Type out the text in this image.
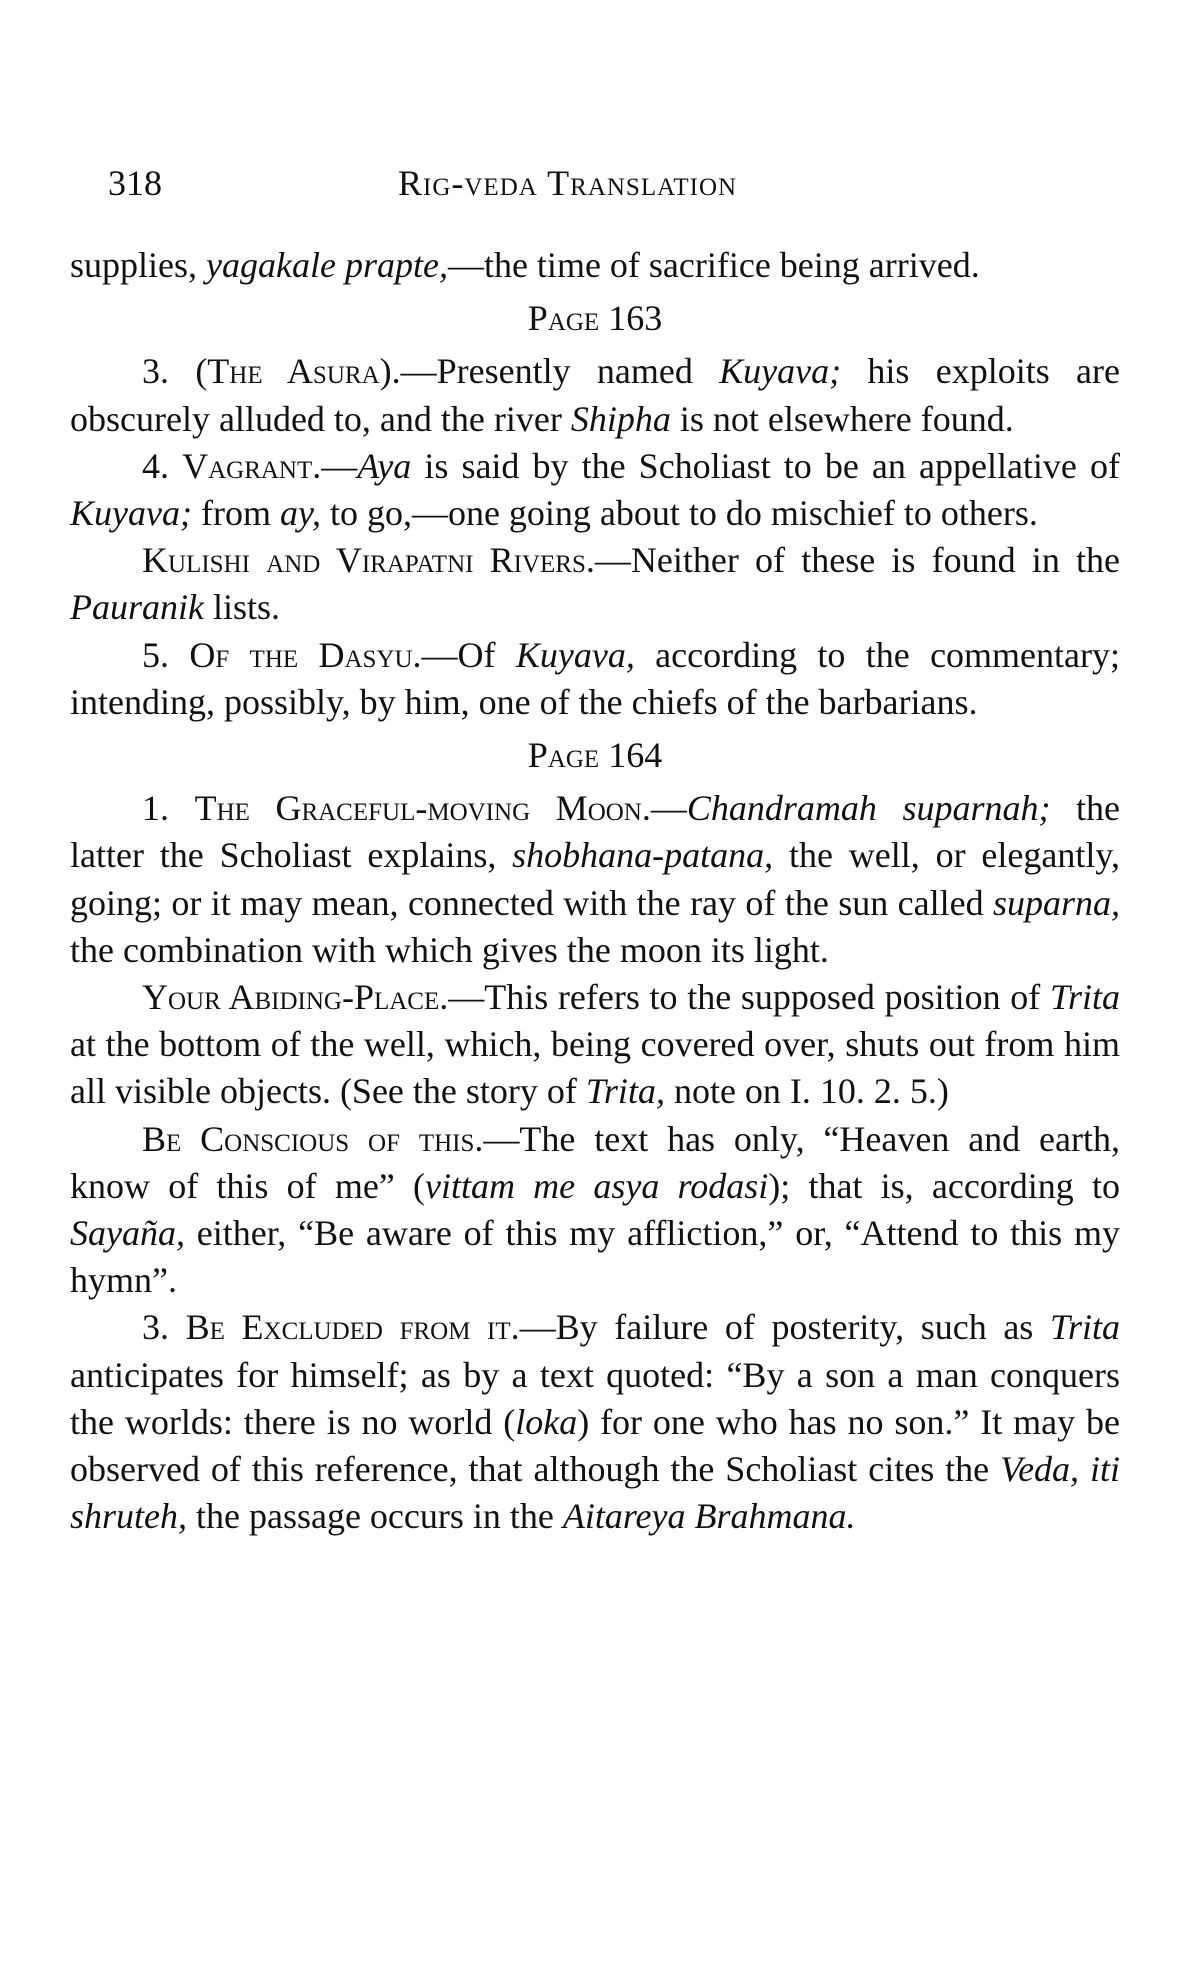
318	Rig-veda Translation

supplies, yagakale prapte,—the time of sacrifice being arrived.

Page 163

3. (The Asura).—Presently named Kuyava; his exploits are obscurely alluded to, and the river Shipha is not elsewhere found.

4. Vagrant.—Aya is said by the Scholiast to be an appellative of Kuyava; from ay, to go,—one going about to do mischief to others.

Kulishi and Virapatni Rivers.—Neither of these is found in the Pauranik lists.

5. Of the Dasyu.—Of Kuyava, according to the commentary; intending, possibly, by him, one of the chiefs of the barbarians.

Page 164

1. The Graceful-moving Moon.—Chandramah suparnah; the latter the Scholiast explains, shobhana-patana, the well, or elegantly, going; or it may mean, connected with the ray of the sun called suparna, the combination with which gives the moon its light.

Your Abiding-Place.—This refers to the supposed position of Trita at the bottom of the well, which, being covered over, shuts out from him all visible objects. (See the story of Trita, note on I. 10. 2. 5.)

Be Conscious of this.—The text has only, “Heaven and earth, know of this of me” (vittam me asya rodasi); that is, according to Sayaña, either, “Be aware of this my affliction,” or, “Attend to this my hymn”.

3. Be Excluded from it.—By failure of posterity, such as Trita anticipates for himself; as by a text quoted: “By a son a man conquers the worlds: there is no world (loka) for one who has no son.” It may be observed of this reference, that although the Scholiast cites the Veda, iti shruteh, the passage occurs in the Aitareya Brahmana.
